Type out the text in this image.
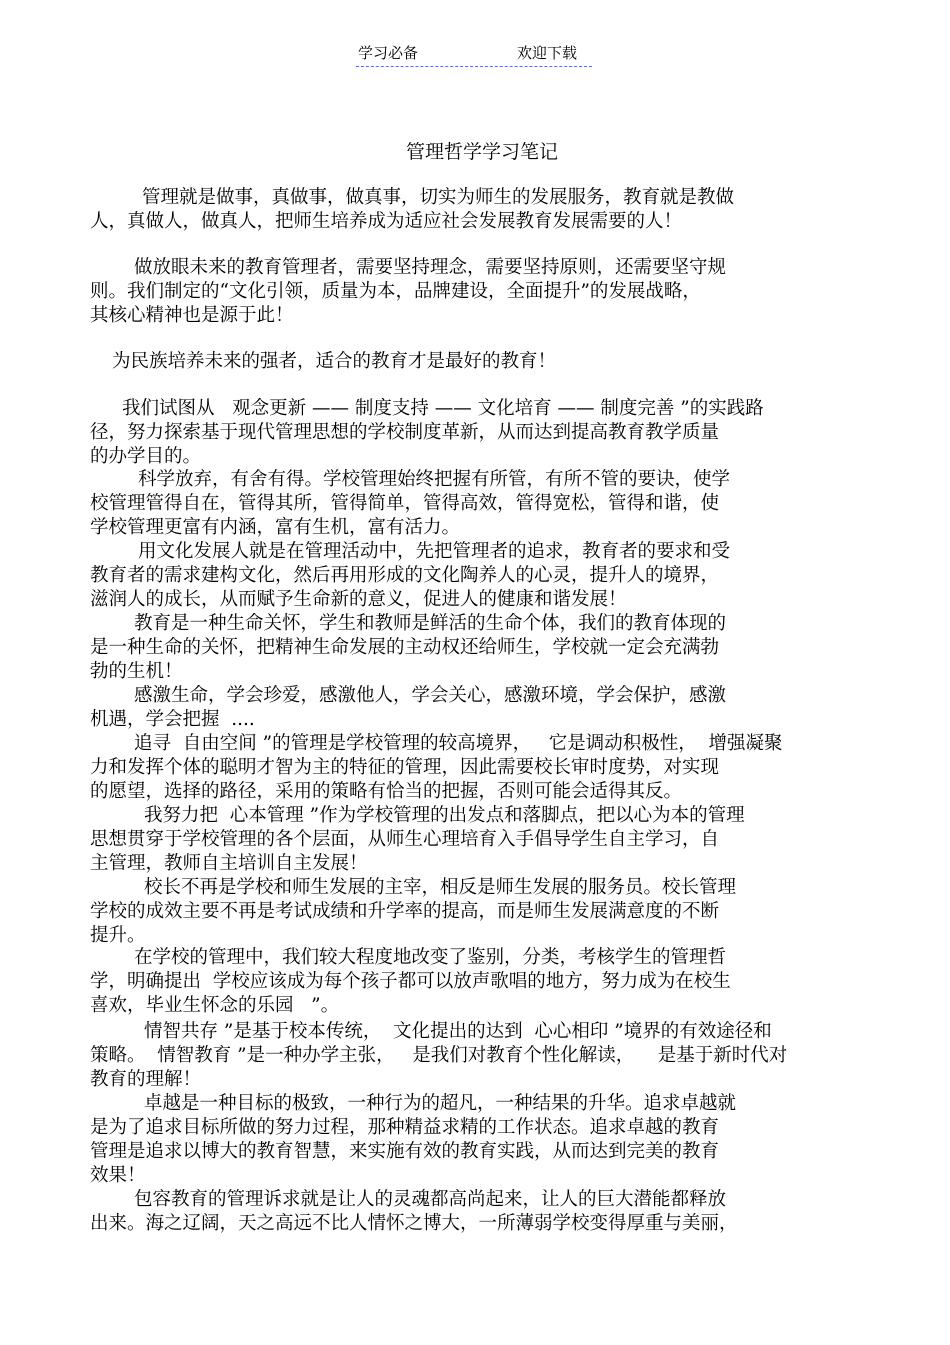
学习必备	欢迎下载
管理哲学学习笔记
管理就是做事，真做事，做真事，切实为师生的发展服务，教育就是教做
人，真做人，做真人，把师生培养成为适应社会发展教育发展需要的人！
做放眼未来的教育管理者，需要坚持理念，需要坚持原则，还需要坚守规
则。我们制定的“文化引领，质量为本，品牌建设，全面提升”的发展战略，
其核心精神也是源于此！
为民族培养未来的强者，适合的教育才是最好的教育！
我们试图从   观念更新 —— 制度支持 —— 文化培育 —— 制度完善 ”的实践路
径，努力探索基于现代管理思想的学校制度革新，从而达到提高教育教学质量
的办学目的。
科学放弃，有舍有得。学校管理始终把握有所管，有所不管的要诀，使学
校管理管得自在，管得其所，管得简单，管得高效，管得宽松，管得和谐，使
学校管理更富有内涵，富有生机，富有活力。
用文化发展人就是在管理活动中，先把管理者的追求，教育者的要求和受
教育者的需求建构文化，然后再用形成的文化陶养人的心灵，提升人的境界，
滋润人的成长，从而赋予生命新的意义，促进人的健康和谐发展！
教育是一种生命关怀，学生和教师是鲜活的生命个体，我们的教育体现的
是一种生命的关怀，把精神生命发展的主动权还给师生，学校就一定会充满勃
勃的生机！
感激生命，学会珍爱，感激他人，学会关心，感激环境，学会保护，感激
机遇，学会把握  ....
追寻  自由空间 ”的管理是学校管理的较高境界，   它是调动积极性，  增强凝聚
力和发挥个体的聪明才智为主的特征的管理，因此需要校长审时度势，对实现
的愿望，选择的路径，采用的策略有恰当的把握，否则可能会适得其反。
我努力把  心本管理 ”作为学校管理的出发点和落脚点，把以心为本的管理
思想贯穿于学校管理的各个层面，从师生心理培育入手倡导学生自主学习，自
主管理，教师自主培训自主发展！
校长不再是学校和师生发展的主宰，相反是师生发展的服务员。校长管理
学校的成效主要不再是考试成绩和升学率的提高，而是师生发展满意度的不断
提升。
在学校的管理中，我们较大程度地改变了鉴别，分类，考核学生的管理哲
学，明确提出  学校应该成为每个孩子都可以放声歌唱的地方，努力成为在校生
喜欢，毕业生怀念的乐园   ”。
情智共存 ”是基于校本传统，  文化提出的达到  心心相印 ”境界的有效途径和
策略。  情智教育 ”是一种办学主张，   是我们对教育个性化解读，    是基于新时代对
教育的理解！
卓越是一种目标的极致，一种行为的超凡，一种结果的升华。追求卓越就
是为了追求目标所做的努力过程，那种精益求精的工作状态。追求卓越的教育
管理是追求以博大的教育智慧，来实施有效的教育实践，从而达到完美的教育
效果！
包容教育的管理诉求就是让人的灵魂都高尚起来，让人的巨大潜能都释放
出来。海之辽阔，天之高远不比人情怀之博大，一所薄弱学校变得厚重与美丽，
